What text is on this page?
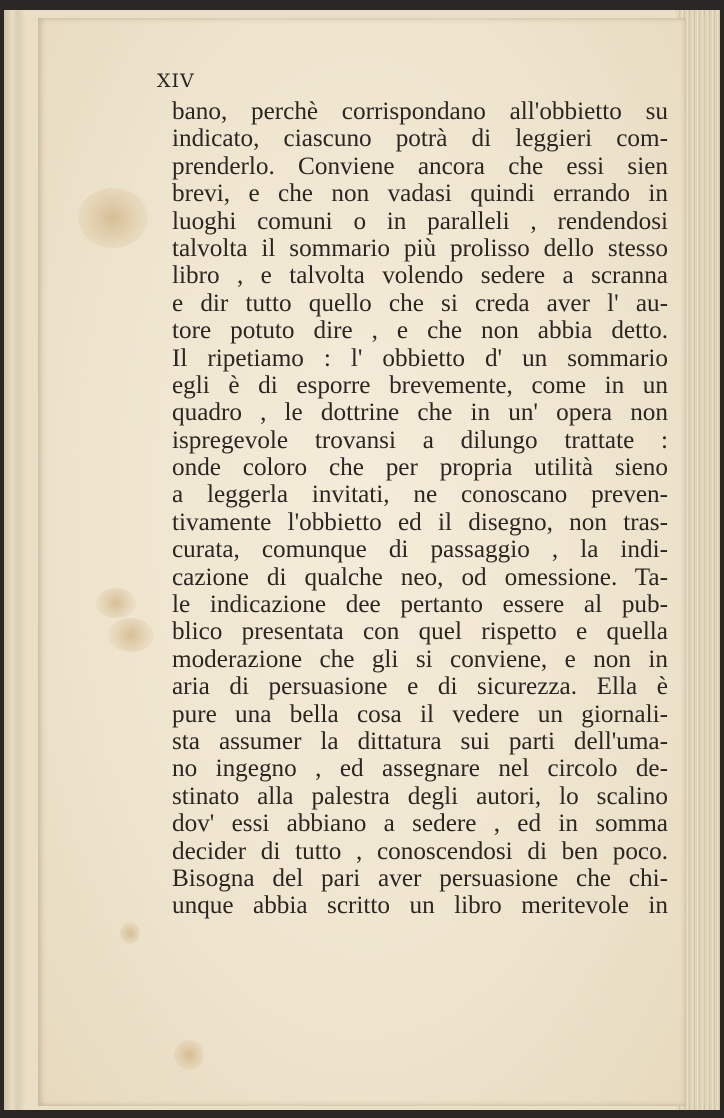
XIV
bano, perchè corrispondano all'obbietto su
indicato, ciascuno potrà di leggieri com-
prenderlo. Conviene ancora che essi sien
brevi, e che non vadasi quindi errando in
luoghi comuni o in paralleli , rendendosi
talvolta il sommario più prolisso dello stesso
libro , e talvolta volendo sedere a scranna
e dir tutto quello che si creda aver l' au-
tore potuto dire , e che non abbia detto.
Il ripetiamo : l' obbietto d' un sommario
egli è di esporre brevemente, come in un
quadro , le dottrine che in un' opera non
ispregevole trovansi a dilungo trattate :
onde coloro che per propria utilità sieno
a leggerla invitati, ne conoscano preven-
tivamente l'obbietto ed il disegno, non tras-
curata, comunque di passaggio , la indi-
cazione di qualche neo, od omessione. Ta-
le indicazione dee pertanto essere al pub-
blico presentata con quel rispetto e quella
moderazione che gli si conviene, e non in
aria di persuasione e di sicurezza. Ella è
pure una bella cosa il vedere un giornali-
sta assumer la dittatura sui parti dell'uma-
no ingegno , ed assegnare nel circolo de-
stinato alla palestra degli autori, lo scalino
dov' essi abbiano a sedere , ed in somma
decider di tutto , conoscendosi di ben poco.
Bisogna del pari aver persuasione che chi-
unque abbia scritto un libro meritevole in
